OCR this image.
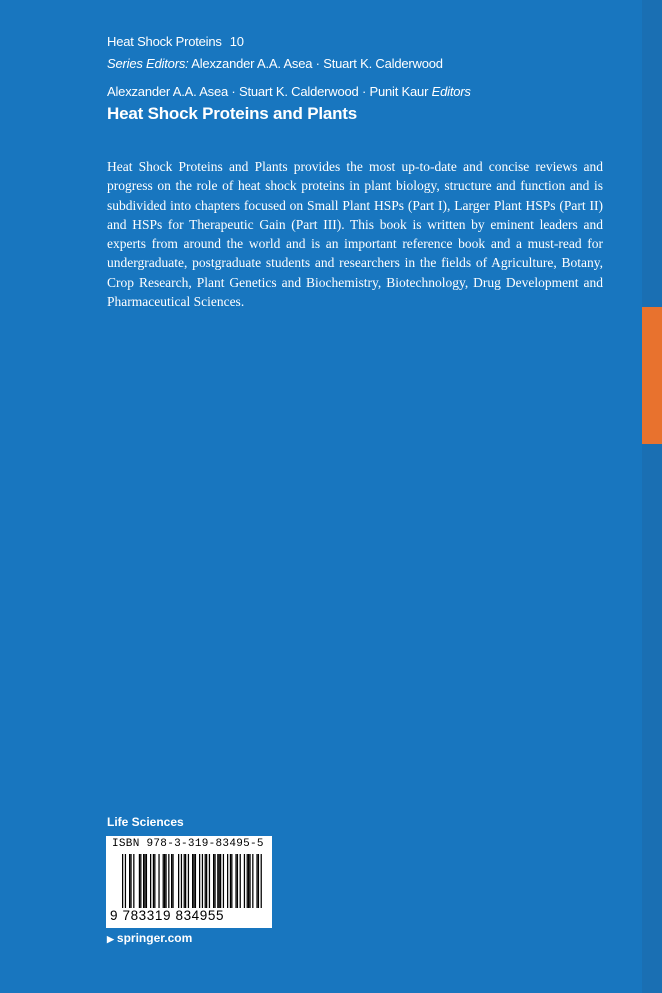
Heat Shock Proteins 10
Series Editors: Alexzander A.A. Asea · Stuart K. Calderwood
Alexzander A.A. Asea · Stuart K. Calderwood · Punit Kaur Editors
Heat Shock Proteins and Plants
Heat Shock Proteins and Plants provides the most up-to-date and concise reviews and progress on the role of heat shock proteins in plant biology, structure and function and is subdivided into chapters focused on Small Plant HSPs (Part I), Larger Plant HSPs (Part II) and HSPs for Therapeutic Gain (Part III). This book is written by eminent leaders and experts from around the world and is an important reference book and a must-read for undergraduate, postgraduate students and researchers in the fields of Agriculture, Botany, Crop Research, Plant Genetics and Biochemistry, Biotechnology, Drug Development and Pharmaceutical Sciences.
Life Sciences
ISBN 978-3-319-83495-5
9 783319 834955
▶ springer.com
